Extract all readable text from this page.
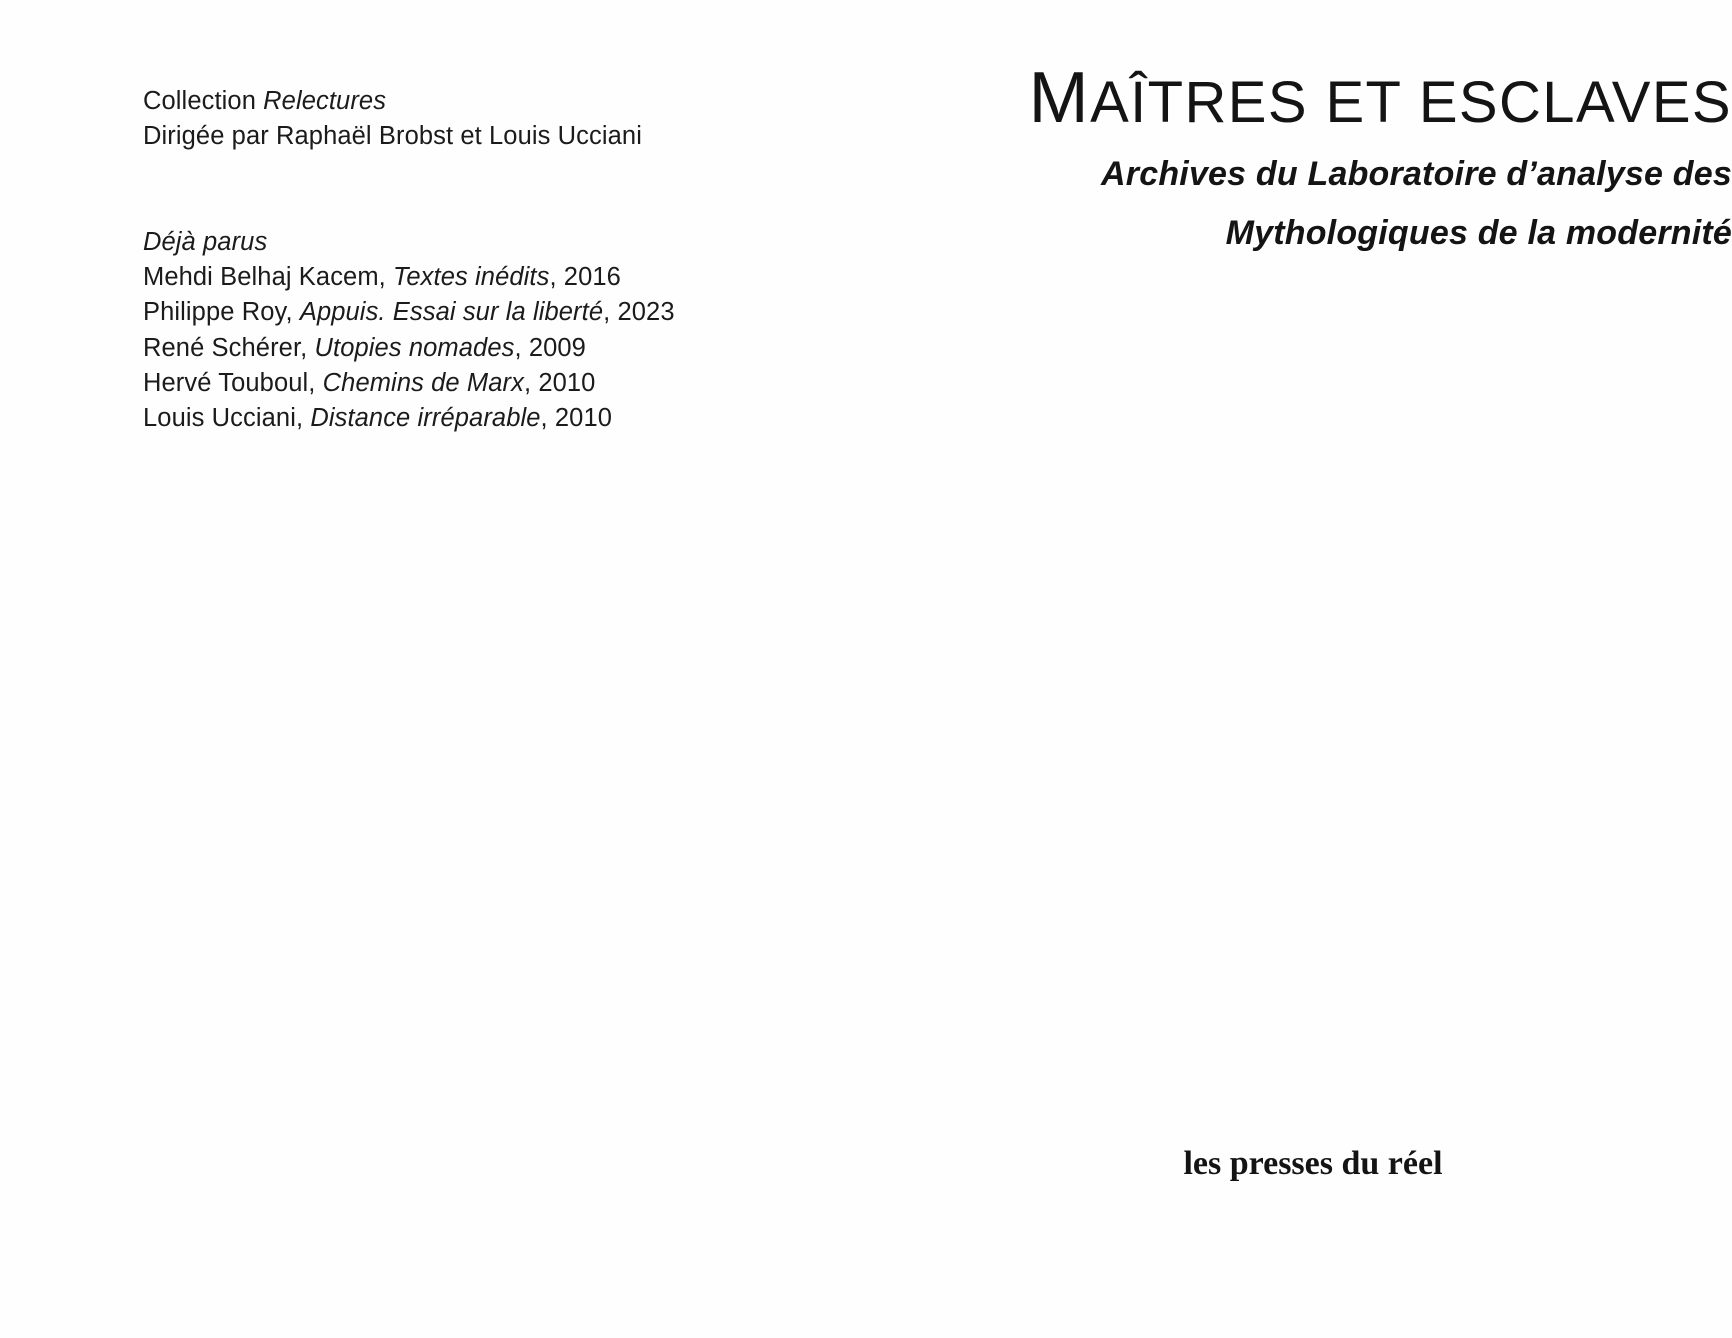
Collection Relectures
Dirigée par Raphaël Brobst et Louis Ucciani
Déjà parus
Mehdi Belhaj Kacem, Textes inédits, 2016
Philippe Roy, Appuis. Essai sur la liberté, 2023
René Schérer, Utopies nomades, 2009
Hervé Touboul, Chemins de Marx, 2010
Louis Ucciani, Distance irréparable, 2010
MAÎTRES ET ESCLAVES
Archives du Laboratoire d’analyse des
Mythologiques de la modernité
les presses du réel
